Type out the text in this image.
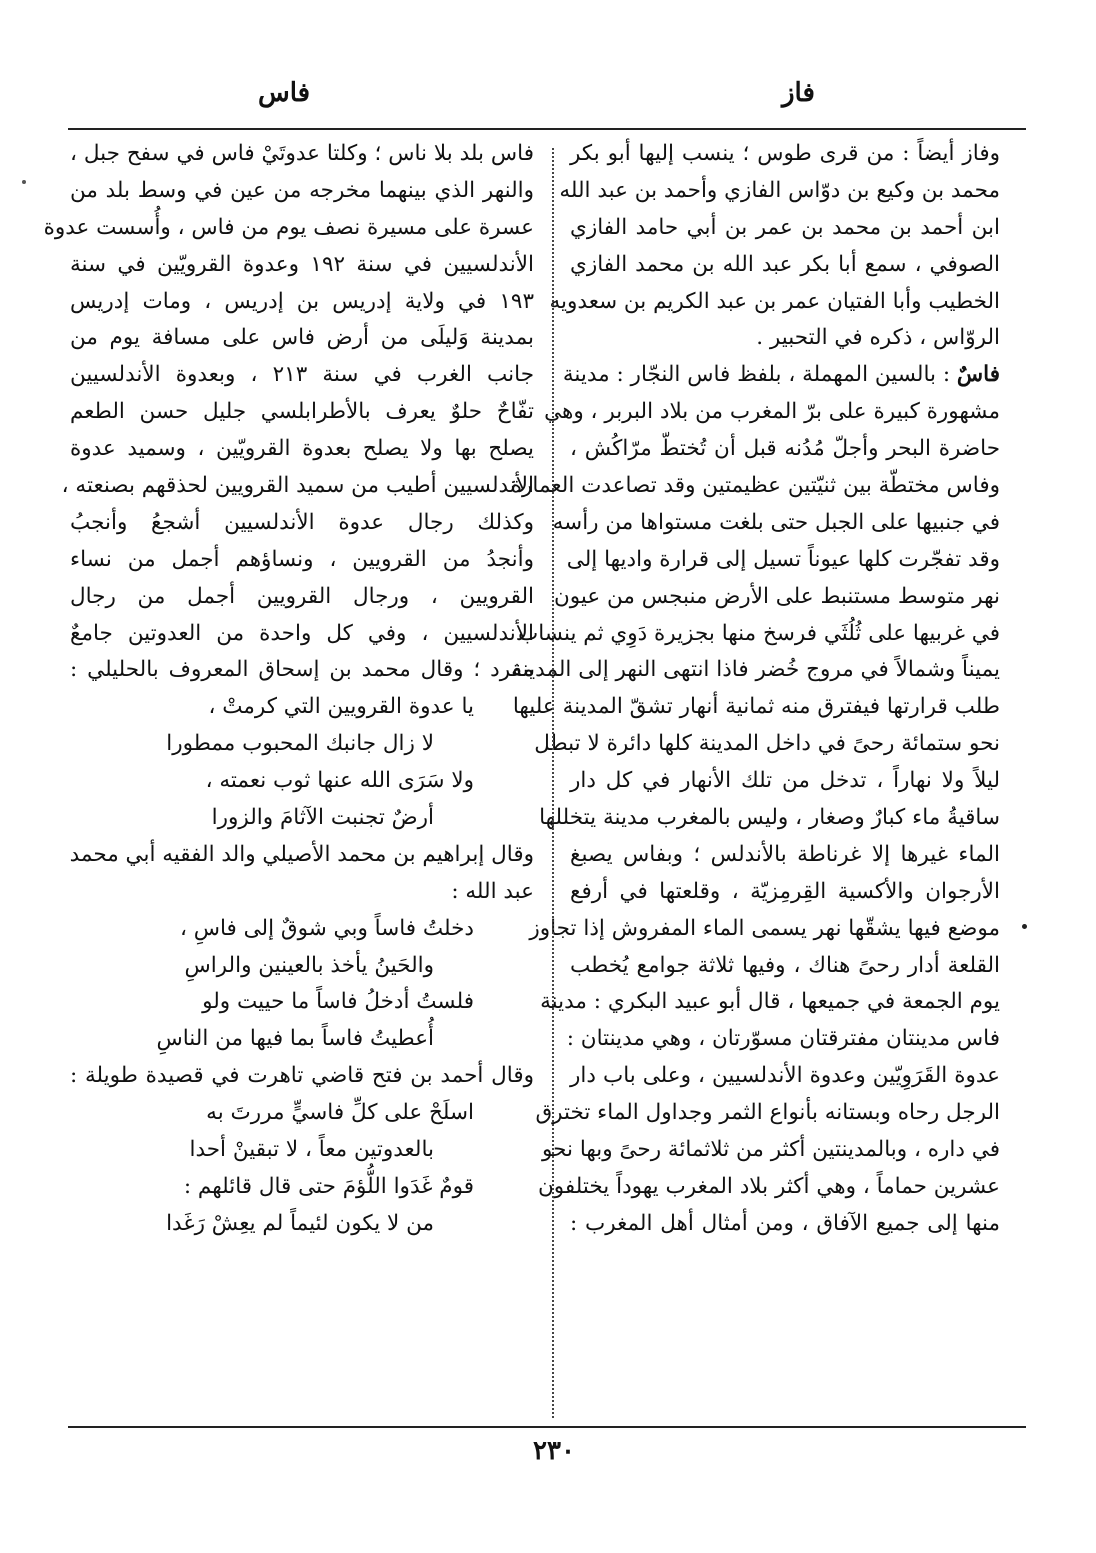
فاس	فاز
وفاز أيضاً : من قرى طوس ؛ ينسب إليها أبو بكر
محمد بن وكيع بن دوّاس الفازي وأحمد بن عبد الله
ابن أحمد بن محمد بن عمر بن أبي حامد الفازي
الصوفي ، سمع أبا بكر عبد الله بن محمد الفازي
الخطيب وأبا الفتيان عمر بن عبد الكريم بن سعدويه
الروّاس ، ذكره في التحبير .
فاسٌ : بالسين المهملة ، بلفظ فاس النجّار : مدينة
مشهورة كبيرة على برّ المغرب من بلاد البربر ، وهي
حاضرة البحر وأجلّ مُدُنه قبل أن تُختطّ مرّاكُش ،
وفاس مختطّة بين ثنيّتين عظيمتين وقد تصاعدت العمارة
في جنبيها على الجبل حتى بلغت مستواها من رأسه
وقد تفجّرت كلها عيوناً تسيل إلى قرارة واديها إلى
نهر متوسط مستنبط على الأرض منبجس من عيون
في غربيها على ثُلُثَي فرسخ منها بجزيرة دَوِي ثم ينساب
يميناً وشمالاً في مروج خُضر فاذا انتهى النهر إلى المدينة
طلب قرارتها فيفترق منه ثمانية أنهار تشقّ المدينة عليها
نحو ستمائة رحىً في داخل المدينة كلها دائرة لا تبطل
ليلاً ولا نهاراً ، تدخل من تلك الأنهار في كل دار
ساقيةُ ماء كبارٌ وصغار ، وليس بالمغرب مدينة يتخللها
الماء غيرها إلا غرناطة بالأندلس ؛ وبفاس يصبغ
الأرجوان والأكسية القِرمِزيّة ، وقلعتها في أرفع
موضع فيها يشقّها نهر يسمى الماء المفروش إذا تجاوز
القلعة أدار رحىً هناك ، وفيها ثلاثة جوامع يُخطب
يوم الجمعة في جميعها ، قال أبو عبيد البكري : مدينة
فاس مدينتان مفترقتان مسوّرتان ، وهي مدينتان :
عدوة القَرَوِيّين وعدوة الأندلسيين ، وعلى باب دار
الرجل رحاه وبستانه بأنواع الثمر وجداول الماء تخترق
في داره ، وبالمدينتين أكثر من ثلاثمائة رحىً وبها نحو
عشرين حماماً ، وهي أكثر بلاد المغرب يهوداً يختلفون
منها إلى جميع الآفاق ، ومن أمثال أهل المغرب :
فاس بلد بلا ناس ؛ وكلتا عدوتَيْ فاس في سفح جبل ،
والنهر الذي بينهما مخرجه من عين في وسط بلد من
عسرة على مسيرة نصف يوم من فاس ، وأُسست عدوة
الأندلسيين في سنة ١٩٢ وعدوة القرويّين في سنة
١٩٣ في ولاية إدريس بن إدريس ، ومات إدريس
بمدينة وَليلَى من أرض فاس على مسافة يوم من
جانب الغرب في سنة ٢١٣ ، وبعدوة الأندلسيين
تفّاحٌ حلوٌ يعرف بالأطرابلسي جليل حسن الطعم
يصلح بها ولا يصلح بعدوة القرويّين ، وسميد عدوة
الأندلسيين أطيب من سميد القرويين لحذقهم بصنعته ،
وكذلك رجال عدوة الأندلسيين أشجعُ وأنجبُ
وأنجدُ من القرويين ، ونساؤهم أجمل من نساء
القرويين ، ورجال القرويين أجمل من رجال
الأندلسيين ، وفي كل واحدة من العدوتين جامعٌ
مفرد ؛ وقال محمد بن إسحاق المعروف بالحليلي :
يا عدوة القرويين التي كرمتْ ،
لا زال جانبك المحبوب ممطورا
ولا سَرَى الله عنها ثوب نعمته ،
أرضٌ تجنبت الآثامَ والزورا
وقال إبراهيم بن محمد الأصيلي والد الفقيه أبي محمد
عبد الله :
دخلتُ فاساً وبي شوقٌ إلى فاسِ ،
والحَينُ يأخذ بالعينين والراسِ
فلستُ أدخلُ فاساً ما حييت ولو
أُعطيتُ فاساً بما فيها من الناسِ
وقال أحمد بن فتح قاضي تاهرت في قصيدة طويلة :
اسلَحْ على كلِّ فاسيٍّ مررتَ به
بالعدوتين معاً ، لا تبقينْ أحدا
قومٌ غَدَوا اللُّؤمَ حتى قال قائلهم :
من لا يكون لئيماً لم يعِشْ رَغَدا
٢٣٠
